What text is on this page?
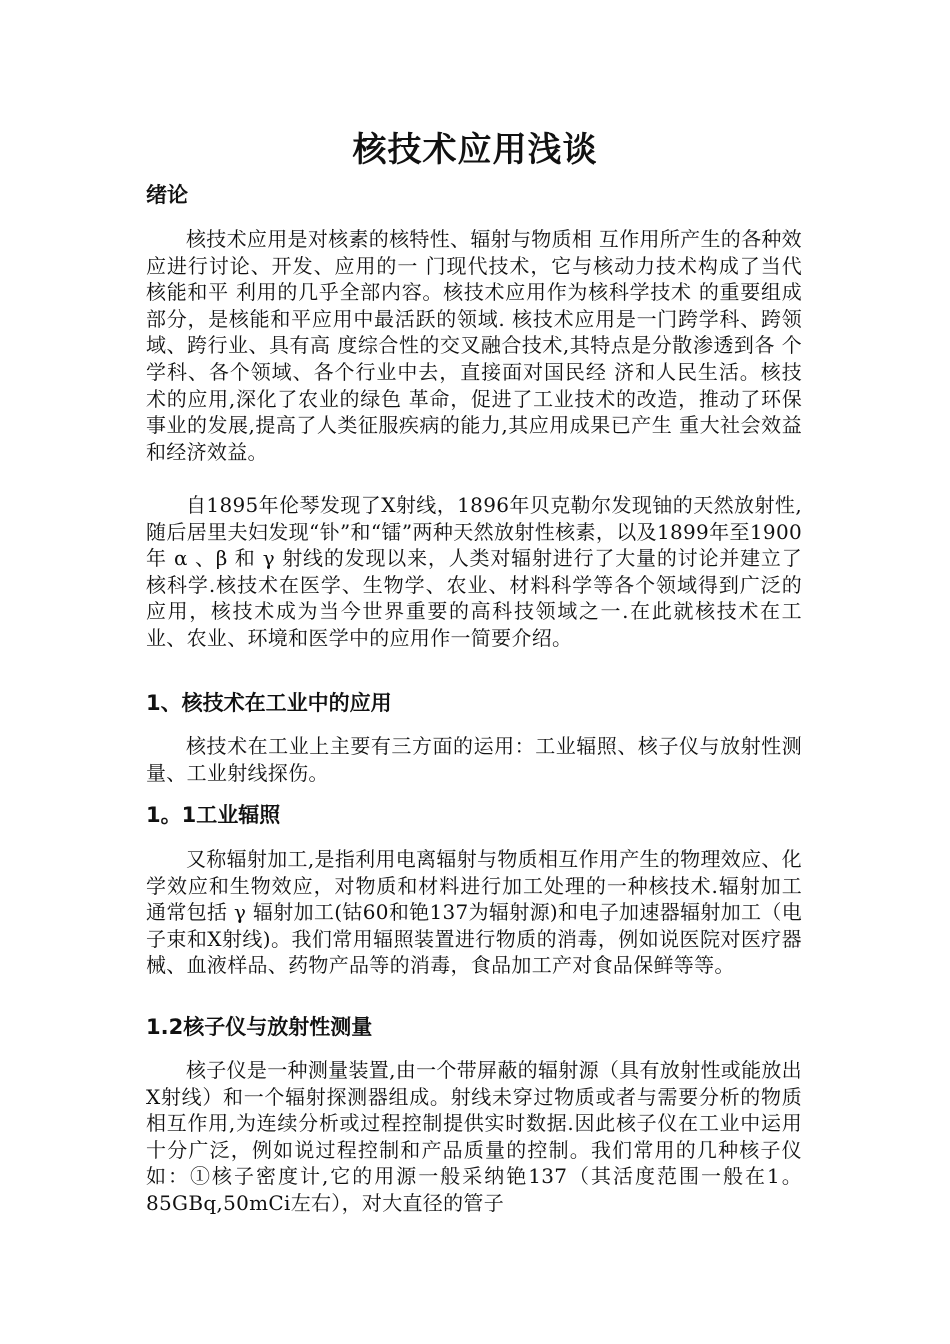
核技术应用浅谈
绪论

核技术应用是对核素的核特性、辐射与物质相 互作用所产生的各种效应进行讨论、开发、应用的一 门现代技术，它与核动力技术构成了当代核能和平 利用的几乎全部内容。核技术应用作为核科学技术 的重要组成部分，是核能和平应用中最活跃的领域. 核技术应用是一门跨学科、跨领域、跨行业、具有高 度综合性的交叉融合技术,其特点是分散渗透到各 个学科、各个领域、各个行业中去，直接面对国民经 济和人民生活。核技术的应用,深化了农业的绿色 革命，促进了工业技术的改造，推动了环保事业的发展,提高了人类征服疾病的能力,其应用成果已产生 重大社会效益和经济效益。

自1895年伦琴发现了X射线，1896年贝克勒尔发现铀的天然放射性,随后居里夫妇发现“钋”和“镭”两种天然放射性核素，以及1899年至1900年 α 、β 和 γ 射线的发现以来，人类对辐射进行了大量的讨论并建立了核科学.核技术在医学、生物学、农业、材料科学等各个领域得到广泛的应用，核技术成为当今世界重要的高科技领域之一.在此就核技术在工业、农业、环境和医学中的应用作一简要介绍。

1、核技术在工业中的应用

核技术在工业上主要有三方面的运用：工业辐照、核子仪与放射性测量、工业射线探伤。

1。1工业辐照

又称辐射加工,是指利用电离辐射与物质相互作用产生的物理效应、化学效应和生物效应，对物质和材料进行加工处理的一种核技术.辐射加工通常包括 γ 辐射加工(钴60和铯137为辐射源)和电子加速器辐射加工（电子束和X射线)。我们常用辐照装置进行物质的消毒，例如说医院对医疗器械、血液样品、药物产品等的消毒，食品加工产对食品保鲜等等。

1.2核子仪与放射性测量

核子仪是一种测量装置,由一个带屏蔽的辐射源（具有放射性或能放出X射线）和一个辐射探测器组成。射线未穿过物质或者与需要分析的物质相互作用,为连续分析或过程控制提供实时数据.因此核子仪在工业中运用十分广泛，例如说过程控制和产品质量的控制。我们常用的几种核子仪如：①核子密度计,它的用源一般采纳铯137（其活度范围一般在1。85GBq,50mCi左右），对大直径的管子
